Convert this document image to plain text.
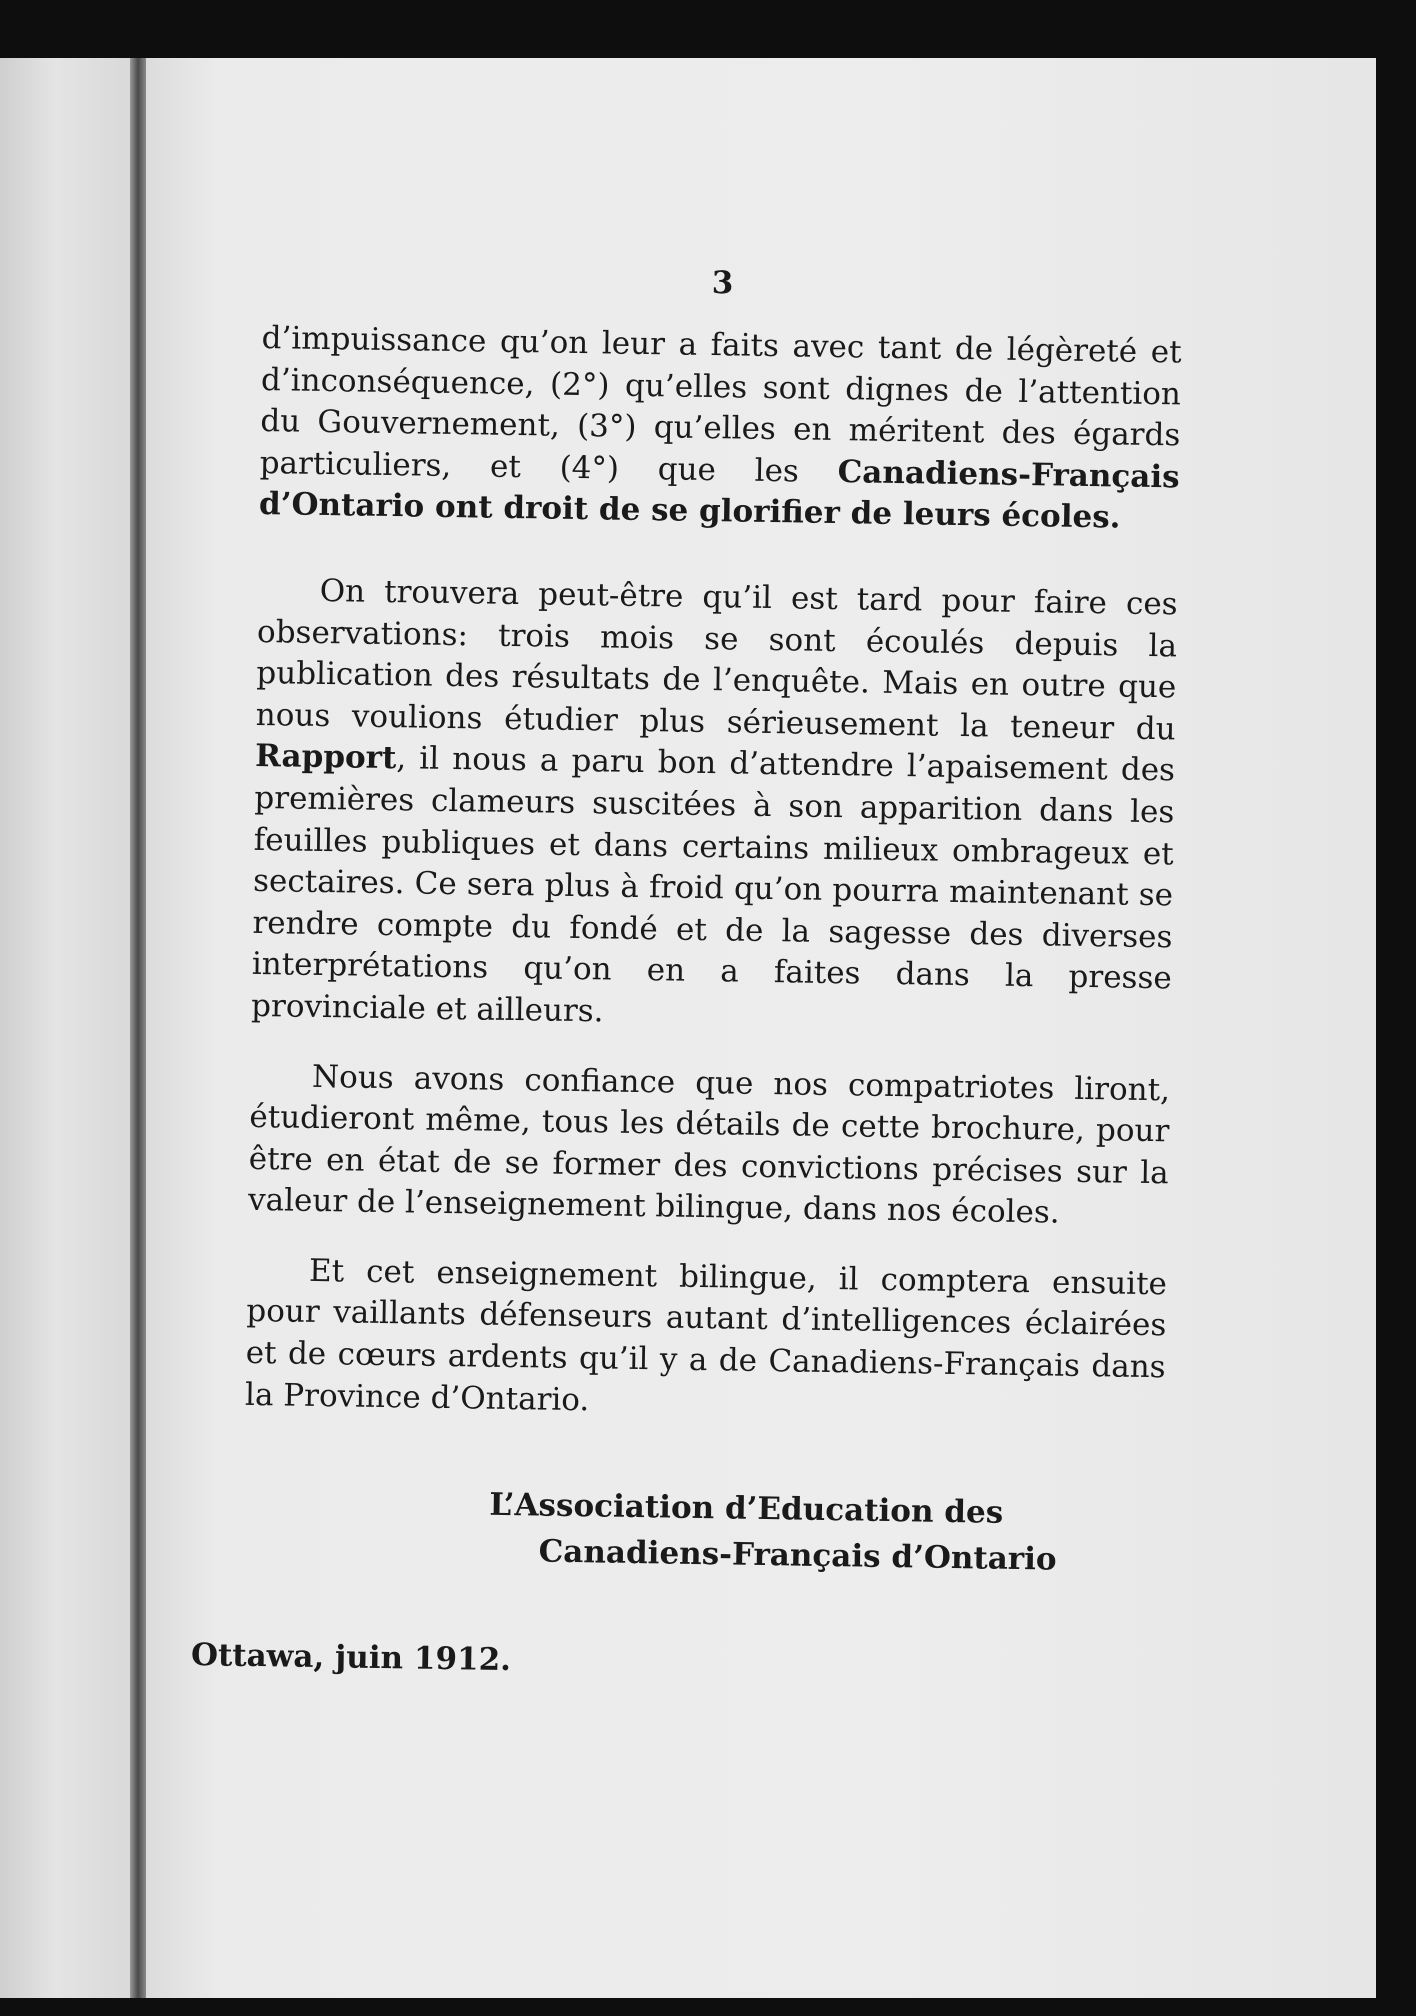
3

d’impuissance qu’on leur a faits avec tant de légèreté et d’inconséquence, (2°) qu’elles sont dignes de l’attention du Gouvernement, (3°) qu’elles en méritent des égards particuliers, et (4°) que les Canadiens-Français d’Ontario ont droit de se glorifier de leurs écoles.

On trouvera peut-être qu’il est tard pour faire ces observations: trois mois se sont écoulés depuis la publication des résultats de l’enquête. Mais en outre que nous voulions étudier plus sérieusement la teneur du Rapport, il nous a paru bon d’attendre l’apaisement des premières clameurs suscitées à son apparition dans les feuilles publiques et dans certains milieux ombrageux et sectaires. Ce sera plus à froid qu’on pourra maintenant se rendre compte du fondé et de la sagesse des diverses interprétations qu’on en a faites dans la presse provinciale et ailleurs.

Nous avons confiance que nos compatriotes liront, étudieront même, tous les détails de cette brochure, pour être en état de se former des convictions précises sur la valeur de l’enseignement bilingue, dans nos écoles.

Et cet enseignement bilingue, il comptera ensuite pour vaillants défenseurs autant d’intelligences éclairées et de cœurs ardents qu’il y a de Canadiens-Français dans la Province d’Ontario.

L’Association d’Education des
Canadiens-Français d’Ontario
Ottawa, juin 1912.
